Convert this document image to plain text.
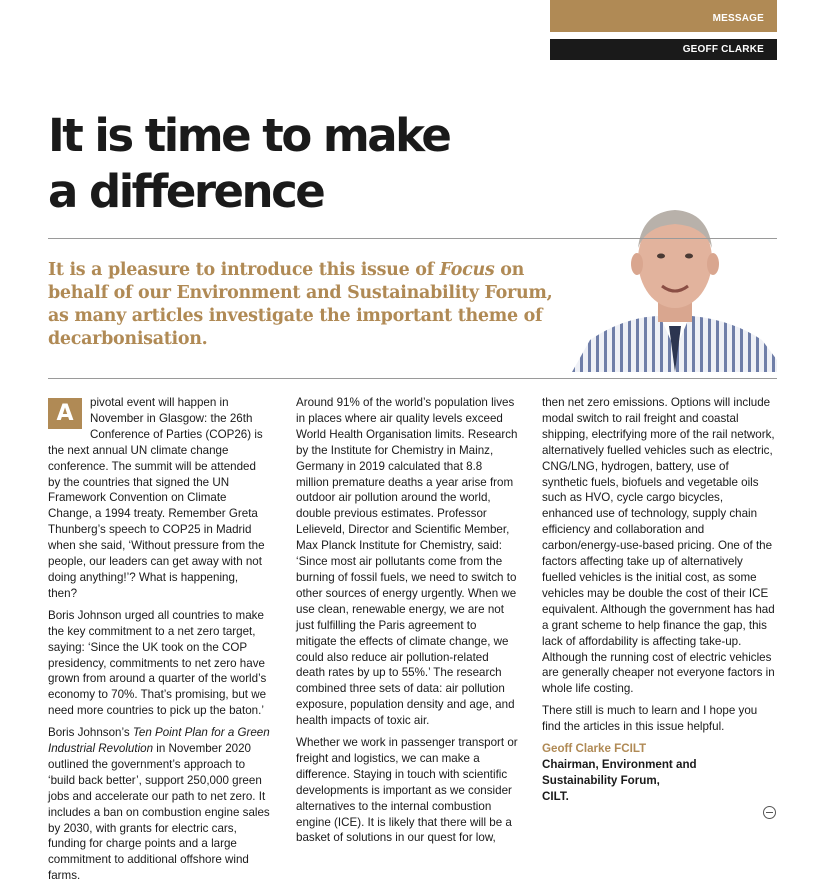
MESSAGE
GEOFF CLARKE
It is time to make
a difference

It is a pleasure to introduce this issue of Focus on behalf of our Environment and Sustainability Forum, as many articles investigate the important theme of decarbonisation.

A	pivotal event will happen in November in Glasgow: the 26th Conference of Parties (COP26) is the next annual UN climate change conference. The summit will be attended by the countries that signed the UN Framework Convention on Climate Change, a 1994 treaty. Remember Greta Thunberg’s speech to COP25 in Madrid when she said, ‘Without pressure from the people, our leaders can get away with not doing anything!’? What is happening, then?

Boris Johnson urged all countries to make the key commitment to a net zero target, saying: ‘Since the UK took on the COP presidency, commitments to net zero have grown from around a quarter of the world’s economy to 70%. That’s promising, but we need more countries to pick up the baton.’

Boris Johnson’s Ten Point Plan for a Green Industrial Revolution in November 2020 outlined the government’s approach to ‘build back better’, support 250,000 green jobs and accelerate our path to net zero. It includes a ban on combustion engine sales by 2030, with grants for electric cars, funding for charge points and a large commitment to additional offshore wind farms.

Around 91% of the world’s population lives in places where air quality levels exceed World Health Organisation limits. Research by the Institute for Chemistry in Mainz, Germany in 2019 calculated that 8.8 million premature deaths a year arise from outdoor air pollution around the world, double previous estimates. Professor Lelieveld, Director and Scientific Member, Max Planck Institute for Chemistry, said: ‘Since most air pollutants come from the burning of fossil fuels, we need to switch to other sources of energy urgently. When we use clean, renewable energy, we are not just fulfilling the Paris agreement to mitigate the effects of climate change, we could also reduce air pollution-related death rates by up to 55%.’ The research combined three sets of data: air pollution exposure, population density and age, and health impacts of toxic air.

Whether we work in passenger transport or freight and logistics, we can make a difference. Staying in touch with scientific developments is important as we consider alternatives to the internal combustion engine (ICE). It is likely that there will be a basket of solutions in our quest for low,

then net zero emissions. Options will include modal switch to rail freight and coastal shipping, electrifying more of the rail network, alternatively fuelled vehicles such as electric, CNG/LNG, hydrogen, battery, use of synthetic fuels, biofuels and vegetable oils such as HVO, cycle cargo bicycles, enhanced use of technology, supply chain efficiency and collaboration and carbon/energy-use-based pricing. One of the factors affecting take up of alternatively fuelled vehicles is the initial cost, as some vehicles may be double the cost of their ICE equivalent. Although the government has had a grant scheme to help finance the gap, this lack of affordability is affecting take-up. Although the running cost of electric vehicles are generally cheaper not everyone factors in whole life costing.

There still is much to learn and I hope you find the articles in this issue helpful.

Geoff Clarke FCILT
Chairman, Environment and
Sustainability Forum,
CILT.
